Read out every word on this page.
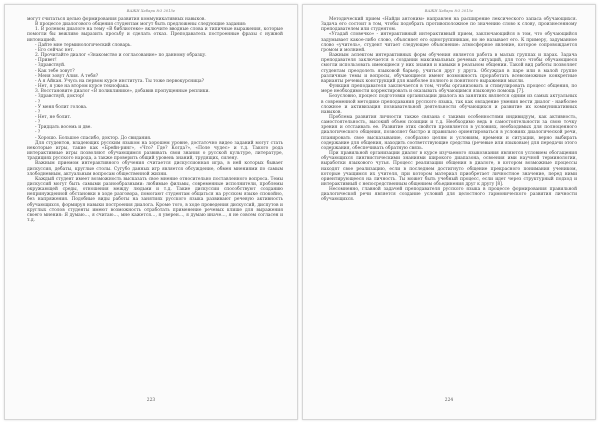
ВАЖИ Хабари №3 2015е

могут считаться целью формирования развития коммуникативных навыков.

В процессе диалогового общения студентам могут быть предложены следующие задания:

1. В ролевом диалоге на тему «В библиотеке» включите вводные слова и типичные выражения, которые помогли бы вежливо выразить просьбу и сделать отказ. Преподаватель построенные фразы с нужной интонацией.

- Дайте мне терминологический словарь.

- Его сейчас нет.

2. Прочитайте диалог «Знакомство и согласование» по данному образцу.

- Привет!

- Здравствуй.

- Как тебе зовут?

- Меня зовут Алия. А тебя?

- А я Айкан. Учусь на первом курсе института. Ты тоже первокурсница?

- Нет, я уже на втором курсе технофака.

3. Восстановите диалог «В поликлинике», добавив пропущенные реплики.

- Здравствуй, доктор!

- ?

- У меня болит голова.

- ?

- Нет, не болит.

- ?

- Тридцать восемь и две.

- ?

- Хорошо. Большое спасибо, доктор. До свидания.

Для студентов, владеющих русским языком на хорошем уровне, достаточно видео заданий могут стать некоторые игры, такие как «Брейн-ринг», «Что? Где? Когда?», «Поле чудес» и т.д. Такого рода интерактивные игры позволяют обучающимся развивать свои знания о русской культуре, литературе, традициях русского народа, а также проверить общий уровень знаний, трудящих, силену.

Важным приемом интерактивного обучения считается дискуссионная игра, в ней которых бывает дискуссия, дебаты, круглые столы. Сугубо данных игр является обсуждение, обмен мнениями по самым злободневным, актуальным вопросам общественной жизни.

Каждый студент имеет возможность высказать свое мнение относительно поставленного вопроса. Темы дискуссий могут быть самыми разнообразными: любимые фильмы, современные исполнители, проблемы окружающей среды, отношения между людьми и т.д. Такие дискуссии способствуют созданию непринужденной обстановки в ходе разговора, помогают студентам общаться на русском языке спокойно, без напряжения. Подобные виды работы на занятиях русского языка развивают речевую активность обучающихся, формируя навыки построения диалога. Кроме того, в ходе проведения дискуссий, диспутов и круглых столов студенты имеют возможность отработать применение речевых клише для выражения своего мнения: Я думаю…, я считаю…, мне кажется…, я уверен…, я думаю иначе…, я не совсем согласен и т.д.

223
ВАЖИ Хабари №3 2015е

Методический прием «Найди антоним» направлен на расширение лексического запаса обучающихся. Задача его состоит в том, чтобы подобрать противоположное по значению слово к слову, произнесенному преподавателем или студентом.

«Угадай словечко» - интерактивный интерактивный прием, заключающийся в том, что обучающийся задумывает какое-либо слово, объясняет его одногруппникам, но не называет его. К примеру, задуманное слово «учитель», студент читает следующее объяснение: атмосферное явление, которое сопровождается громом и молнией.

Важным аспектом интерактивных форм обучения является работа в малых группах и парах. Задача преподавателя заключается в создании максимальных речевых ситуаций, для того чтобы обучающиеся смогли использовать имеющиеся у них знания и навыки в реальном общении. Такой вид работы позволяет студентам преодолеть языковой барьер, учиться друг у друга. Обсуждая в паре или в малой группе различные темы и вопросы, обучающиеся имеют возможность проработать всевозможные конкретные варианты речевых конструкций для наиболее полного и понятного выражения мысли.

Функция преподавателя заключается в том, чтобы организовать и стимулировать процесс общения, по мере необходимости корректировать и оказывать обучающимся языковую помощь [7].

Безусловно, процесс подготовки организации диалога на занятиях является одним из самых актуальных в современной методике преподавания русского языка, так как овладение умения вести диалог - наиболее сложное и активизация познавательной деятельности обучающихся и развитие их коммуникативных навыков.

Проблема развития личности также связана с такими особенностями индивидуум, как активность, самостоятельность, высокий объем позиции и т.д. Необходимо ведь в самостоятельности за свою точку зрения и отстаивать ее. Развитие этих свойств проявляется в условиях, необходимых для полноценного диалогического общения, позволяет быстро и правильно ориентироваться в условиях диалогической речи, планировать свое высказывание, сообразно целям и условиям, времени и ситуации, верно выбирать содержание для общения, находить соответствующие средства (речевые или языковые) для передачи этого содержания, обеспечивать обратную связь.

При правильной организации диалог в курсе изучаемого языкознания являются условием обогащения обучающихся лингвистическими знаниями широкого диапазона, освоения ими научной терминологии, выработки языкового чутья. Процесс реализации общения в диалоге, в котором возможные процессы находят свое реализацию, если в последнем достигнуто общение прекрасного понимания учеником, которые учащимся их учителя, при котором материал приобретает личностное значение, перед ними ориентирующееся на личность. Ты может быть учебный процесс, если идет через структурный подход и интерактивный с непосредственным общением объединения друг к другу [8].

Несомненно, главной задачей преподавателя русского языка в процессе формирования правильной диалогической речи является создание условий для целостного гармонического развития личности обучающихся.

224
